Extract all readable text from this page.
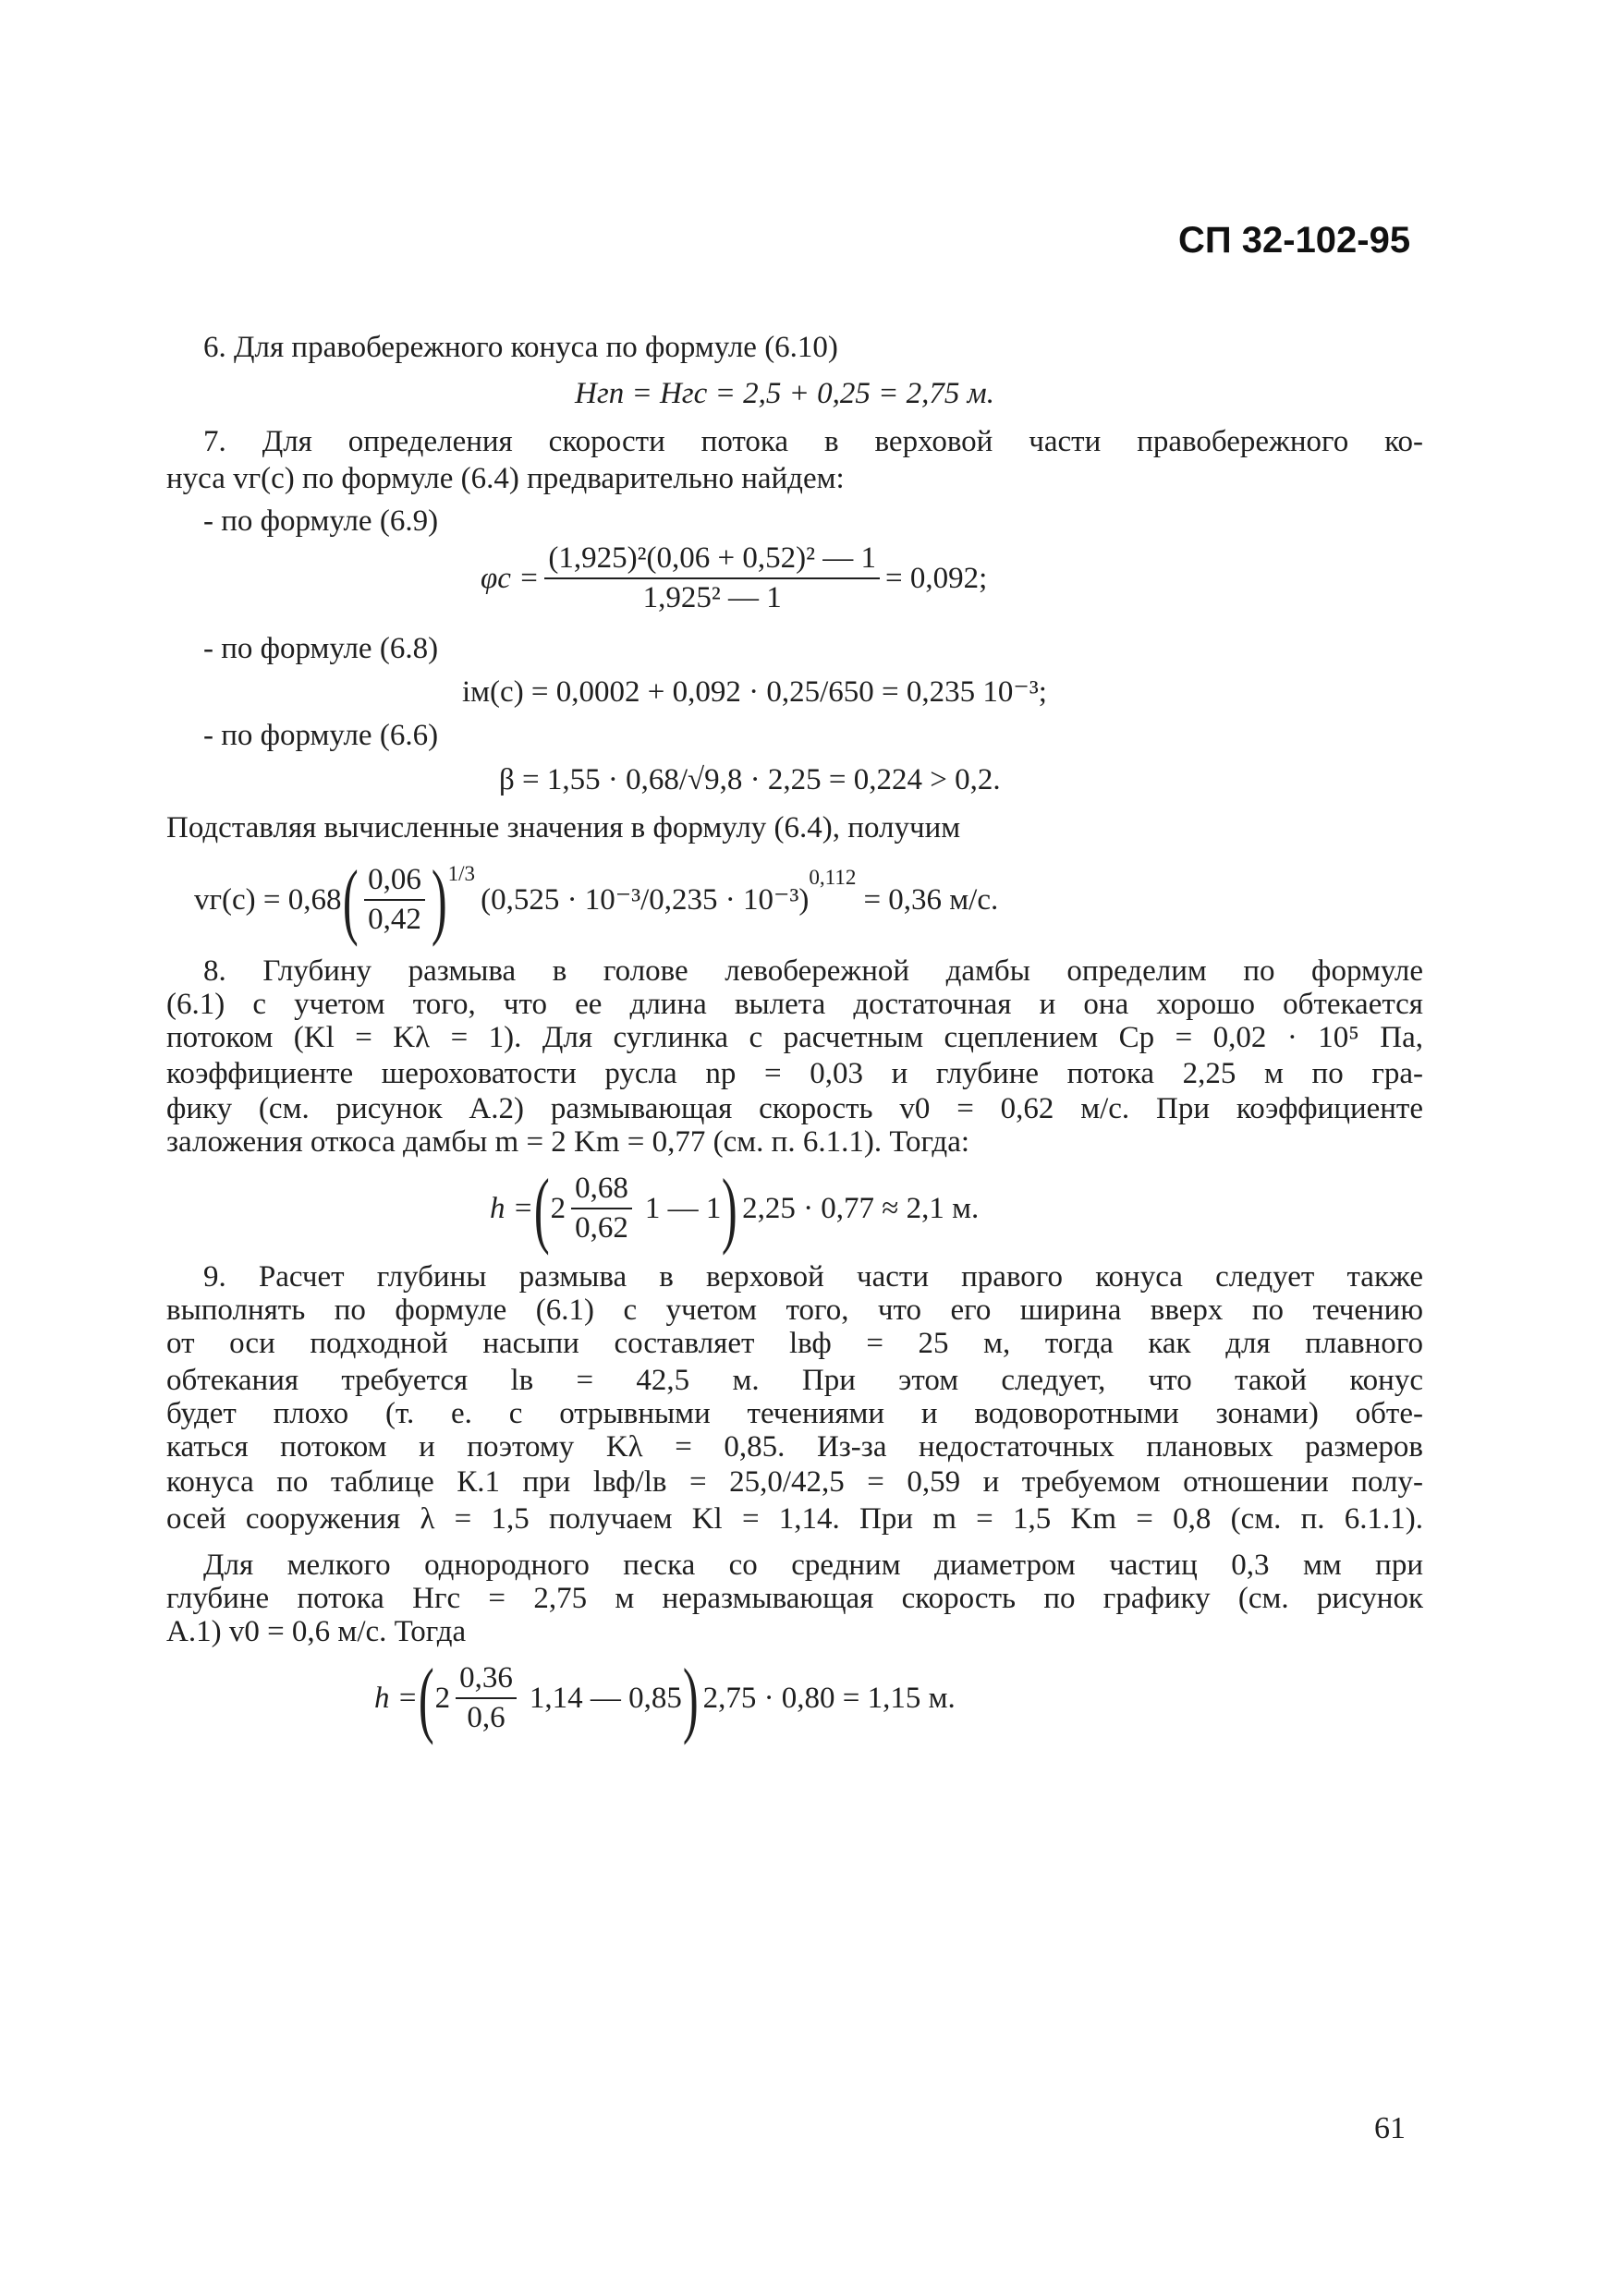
СП 32-102-95
6. Для правобережного конуса по формуле (6.10)
Hгп = Hгс = 2,5 + 0,25 = 2,75 м.
7. Для определения скорости потока в верховой части правобережного ко-
нуса vг(с) по формуле (6.4) предварительно найдем:
- по формуле (6.9)
$\varphi c = \frac{\text{(1,925)²(0,06 + 0,52)² — 1}}{\text{1,925² — 1}} = 0,092$;
- по формуле (6.8)
iм(с) = 0,0002 + 0,092 · 0,25/650 = 0,235 10⁻³;
- по формуле (6.6)
β = 1,55 · 0,68/√9,8 · 2,25 = 0,224 > 0,2.
Подставляя вычисленные значения в формулу (6.4), получим
vг(с) = 0,68 ( $\frac{0,06}{0,42} )^{1/3}$
(0,525 · 10⁻³/0,235 · 10⁻³)
$^{0,112}$
= 0,36 м/с.
8. Глубину размыва в голове левобережной дамбы определим по формуле
(6.1) с учетом того, что ее длина вылета достаточная и она хорошо обтекается
потоком (Kl = Kλ = 1). Для суглинка с расчетным сцеплением Cр = 0,02 · 10⁵ Па,
коэффициенте шероховатости русла nр = 0,03 и глубине потока 2,25 м по гра-
фику (см. рисунок А.2) размывающая скорость v0 = 0,62 м/с. При коэффициенте
заложения откоса дамбы m = 2 Km = 0,77 (см. п. 6.1.1). Тогда:
h = ( $2 \frac{0,68}{0,62} 1$ — 1 ) 2,25 · 0,77 ≈ 2,1 м.
9. Расчет глубины размыва в верховой части правого конуса следует также
выполнять по формуле (6.1) с учетом того, что его ширина вверх по течению
от оси подходной насыпи составляет lвф = 25 м, тогда как для плавного
обтекания требуется lв = 42,5 м. При этом следует, что такой конус
будет плохо (т. е. с отрывными течениями и водоворотными зонами) обте-
каться потоком и поэтому Kλ = 0,85. Из-за недостаточных плановых размеров
конуса по таблице К.1 при lвф/lв = 25,0/42,5 = 0,59 и требуемом отношении полу-
осей сооружения λ = 1,5 получаем Kl = 1,14. При m = 1,5 Km = 0,8 (см. п. 6.1.1).
Для мелкого однородного песка со средним диаметром частиц 0,3 мм при
глубине потока Hгс = 2,75 м неразмывающая скорость по графику (см. рисунок
А.1) v0 = 0,6 м/с. Тогда
h = ( $2 \frac{0,36}{0,6} 1,14$ — 0,85 ) 2,75 · 0,80 = 1,15 м.
61
